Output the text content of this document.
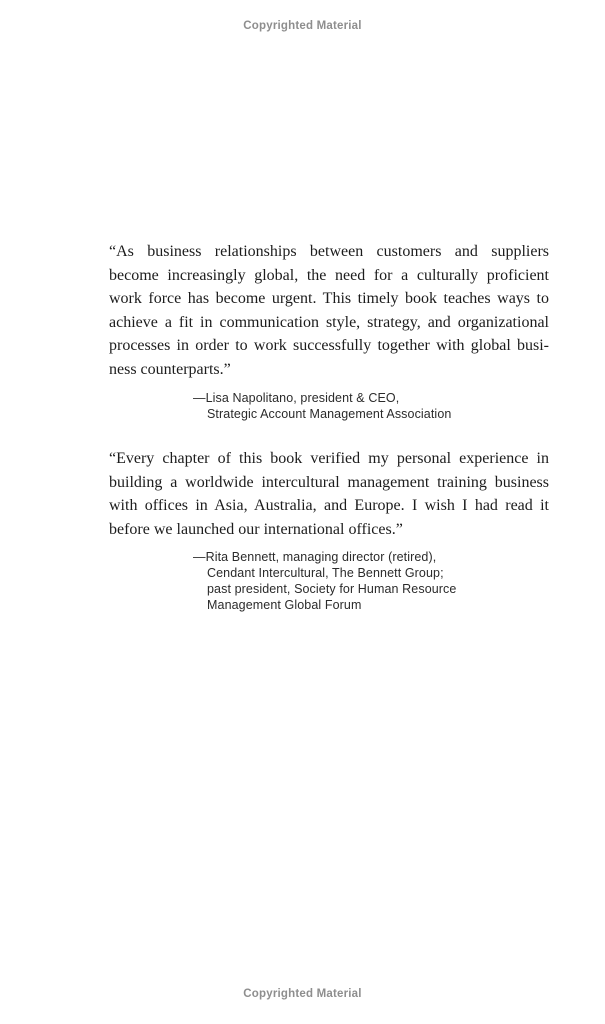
Copyrighted Material
“As business relationships between customers and suppliers
become increasingly global, the need for a culturally proficient
work force has become urgent. This timely book teaches ways to
achieve a fit in communication style, strategy, and organizational
processes in order to work successfully together with global busi-
ness counterparts.”
—Lisa Napolitano, president & CEO,
Strategic Account Management Association
“Every chapter of this book verified my personal experience in
building a worldwide intercultural management training business
with offices in Asia, Australia, and Europe. I wish I had read it
before we launched our international offices.”
—Rita Bennett, managing director (retired),
Cendant Intercultural, The Bennett Group;
past president, Society for Human Resource
Management Global Forum
Copyrighted Material
